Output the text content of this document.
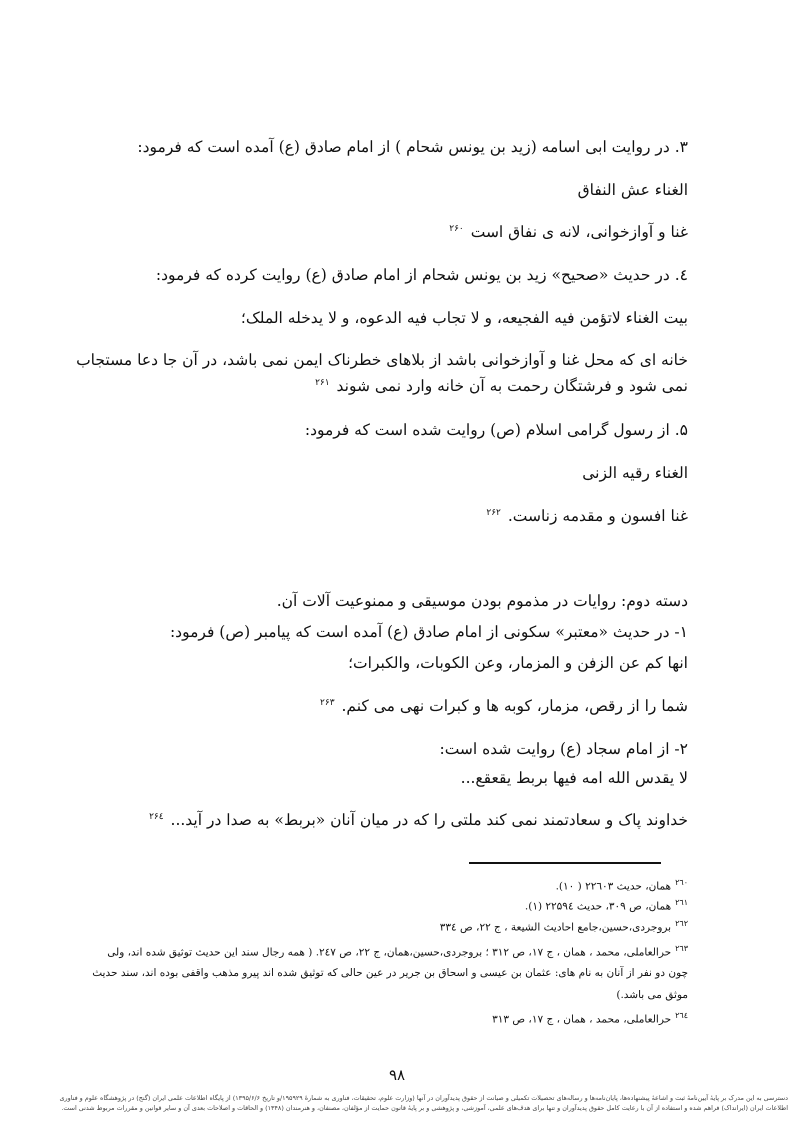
۳. در روایت ابی اسامه (زید بن یونس شحام ) از امام صادق (ع) آمده است که فرمود:
الغناء عش النفاق
غنا و آوازخوانی، لانه ی نفاق است $^{۲۶۰}$
٤. در حدیث «صحیح» زید بن یونس شحام از امام صادق (ع) روایت کرده که فرمود:
بیت الغناء لاتؤمن فیه الفجیعه، و لا تجاب فیه الدعوه، و لا یدخله الملک؛
خانه ای که محل غنا و آوازخوانی باشد از بلاهای خطرناک ایمن نمی باشد، در آن جا دعا مستجاب
نمی شود و فرشتگان رحمت به آن خانه وارد نمی شوند $^{۲۶۱}$
۵. از رسول گرامی اسلام (ص) روایت شده است که فرمود:
الغناء رقیه الزنی
غنا افسون و مقدمه زناست. $^{۲۶۲}$
دسته دوم: روایات در مذموم بودن موسیقی و ممنوعیت آلات آن.
۱- در حدیث «معتبر» سکونی از امام صادق (ع) آمده است که پیامبر (ص) فرمود:
انها کم عن الزفن و المزمار، وعن الکوبات، والکبرات؛
شما را از رقص، مزمار، کوبه ها و کبرات نهی می کنم. $^{۲۶۳}$
۲- از امام سجاد (ع) روایت شده است:
لا یقدس الله امه فیها بربط یقعقع...
خداوند پاک و سعادتمند نمی کند ملتی را که در میان آنان «بربط» به صدا در آید... $^{۲۶٤}$
$^{۲٦۰}$همان، حدیث ۲۲٦۰۳ ( ۱۰).
$^{۲٦۱}$همان، ص ۳۰۹، حدیث ۲۲۵۹٤ (۱).
$^{۲٦۲}$بروجردی،حسین،جامع احادیث الشیعة ، ج ۲۲، ص ۳۳٤
$^{۲٦۳}$حرالعاملی، محمد ، همان ، ج ۱۷، ص ۳۱۲ ؛ بروجردی،حسین،همان، ج ۲۲، ص ۲٤۷. ( همه رجال سند این حدیث توثیق شده اند، ولی
چون دو نفر از آنان به نام های: عثمان بن عیسی و اسحاق بن جریر در عین حالی که توثیق شده اند پیرو مذهب واقفی بوده اند، سند حدیث
موثق می باشد.)
$^{۲٦٤}$حرالعاملی، محمد ، همان ، ج ۱۷، ص ۳۱۳
۹۸
دسترسی به این مدرک بر پایهٔ آیین‌نامهٔ ثبت و اشاعهٔ پیشنهاده‌ها، پایان‌نامه‌ها و رساله‌های تحصیلات تکمیلی و صیانت از حقوق پدیدآوران در آنها (وزارت علوم، تحقیقات، فناوری به شمارهٔ ۱۹۵۹۲۹/و تاریخ ۱۳۹۵/۶/۶) از پایگاه اطلاعات علمی ایران (گنج) در پژوهشگاه علوم و فناوری
اطلاعات ایران (ایرانداک) فراهم شده و استفاده از آن با رعایت کامل حقوق پدیدآوران و تنها برای هدف‌های علمی، آموزشی، و پژوهشی و بر پایهٔ قانون حمایت از مؤلفان، مصنفان، و هنرمندان (۱۳۴۸) و الحاقات و اصلاحات بعدی آن و سایر قوانین و مقررات مربوط شدنی است.
